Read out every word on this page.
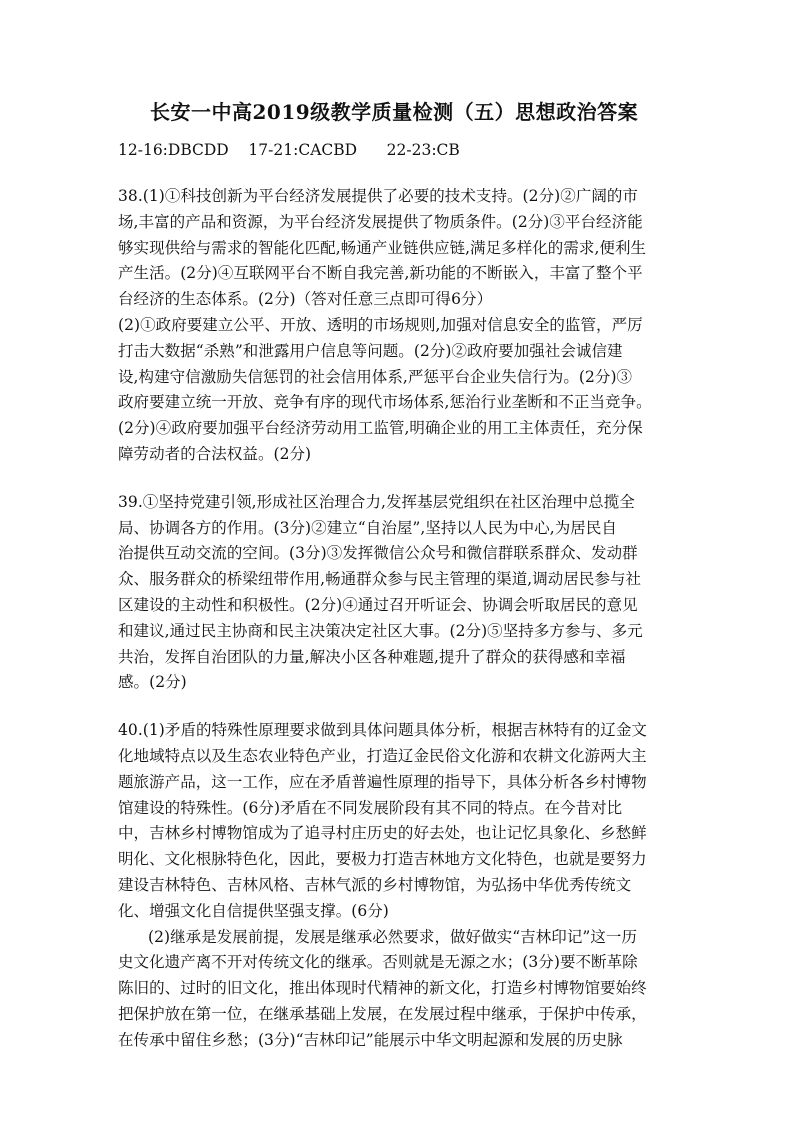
长安一中高2019级教学质量检测（五）思想政治答案
12-16:DBCDD    17-21:CACBD      22-23:CB
38.(1)①科技创新为平台经济发展提供了必要的技术支持。(2分)②广阔的市
场,丰富的产品和资源，为平台经济发展提供了物质条件。(2分)③平台经济能
够实现供给与需求的智能化匹配,畅通产业链供应链,满足多样化的需求,便利生
产生活。(2分)④互联网平台不断自我完善,新功能的不断嵌入，丰富了整个平
台经济的生态体系。(2分)（答对任意三点即可得6分）
(2)①政府要建立公平、开放、透明的市场规则,加强对信息安全的监管，严厉
打击大数据“杀熟”和泄露用户信息等问题。(2分)②政府要加强社会诚信建
设,构建守信激励失信惩罚的社会信用体系,严惩平台企业失信行为。(2分)③
政府要建立统一开放、竞争有序的现代市场体系,惩治行业垄断和不正当竞争。
(2分)④政府要加强平台经济劳动用工监管,明确企业的用工主体责任，充分保
障劳动者的合法权益。(2分)
39.①坚持党建引领,形成社区治理合力,发挥基层党组织在社区治理中总揽全
局、协调各方的作用。(3分)②建立“自治屋”,坚持以人民为中心,为居民自
治提供互动交流的空间。(3分)③发挥微信公众号和微信群联系群众、发动群
众、服务群众的桥梁纽带作用,畅通群众参与民主管理的渠道,调动居民参与社
区建设的主动性和积极性。(2分)④通过召开听证会、协调会听取居民的意见
和建议,通过民主协商和民主决策决定社区大事。(2分)⑤坚持多方参与、多元
共治，发挥自治团队的力量,解决小区各种难题,提升了群众的获得感和幸福
感。(2分)
40.(1)矛盾的特殊性原理要求做到具体问题具体分析，根据吉林特有的辽金文
化地域特点以及生态农业特色产业，打造辽金民俗文化游和农耕文化游两大主
题旅游产品，这一工作，应在矛盾普遍性原理的指导下，具体分析各乡村博物
馆建设的特殊性。(6分)矛盾在不同发展阶段有其不同的特点。在今昔对比
中，吉林乡村博物馆成为了追寻村庄历史的好去处，也让记忆具象化、乡愁鲜
明化、文化根脉特色化，因此，要极力打造吉林地方文化特色，也就是要努力
建设吉林特色、吉林风格、吉林气派的乡村博物馆，为弘扬中华优秀传统文
化、增强文化自信提供坚强支撑。(6分)
(2)继承是发展前提，发展是继承必然要求，做好做实“吉林印记”这一历
史文化遗产离不开对传统文化的继承。否则就是无源之水；(3分)要不断革除
陈旧的、过时的旧文化，推出体现时代精神的新文化，打造乡村博物馆要始终
把保护放在第一位，在继承基础上发展，在发展过程中继承，于保护中传承，
在传承中留住乡愁；(3分)“吉林印记”能展示中华文明起源和发展的历史脉
